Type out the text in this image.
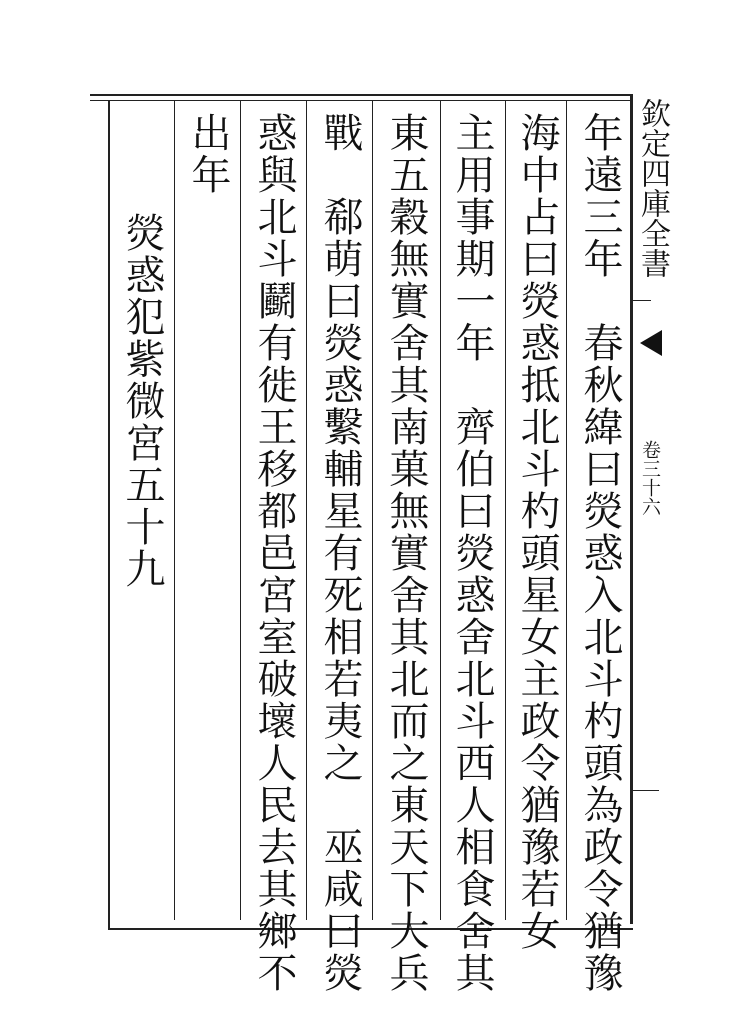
欽定四庫全書
卷三十六
年遠三年　春秋緯曰熒惑入北斗杓頭為政令猶豫
海中占曰熒惑抵北斗杓頭星女主政令猶豫若女
主用事期一年　齊伯曰熒惑舍北斗西人相食舍其
東五穀無實舍其南菓無實舍其北而之東天下大兵
戰　郗萌曰熒惑繫輔星有死相若夷之　巫咸曰熒
惑與北斗鬬有徙王移都邑宮室破壞人民去其鄉不
出年
熒惑犯紫微宮五十九
